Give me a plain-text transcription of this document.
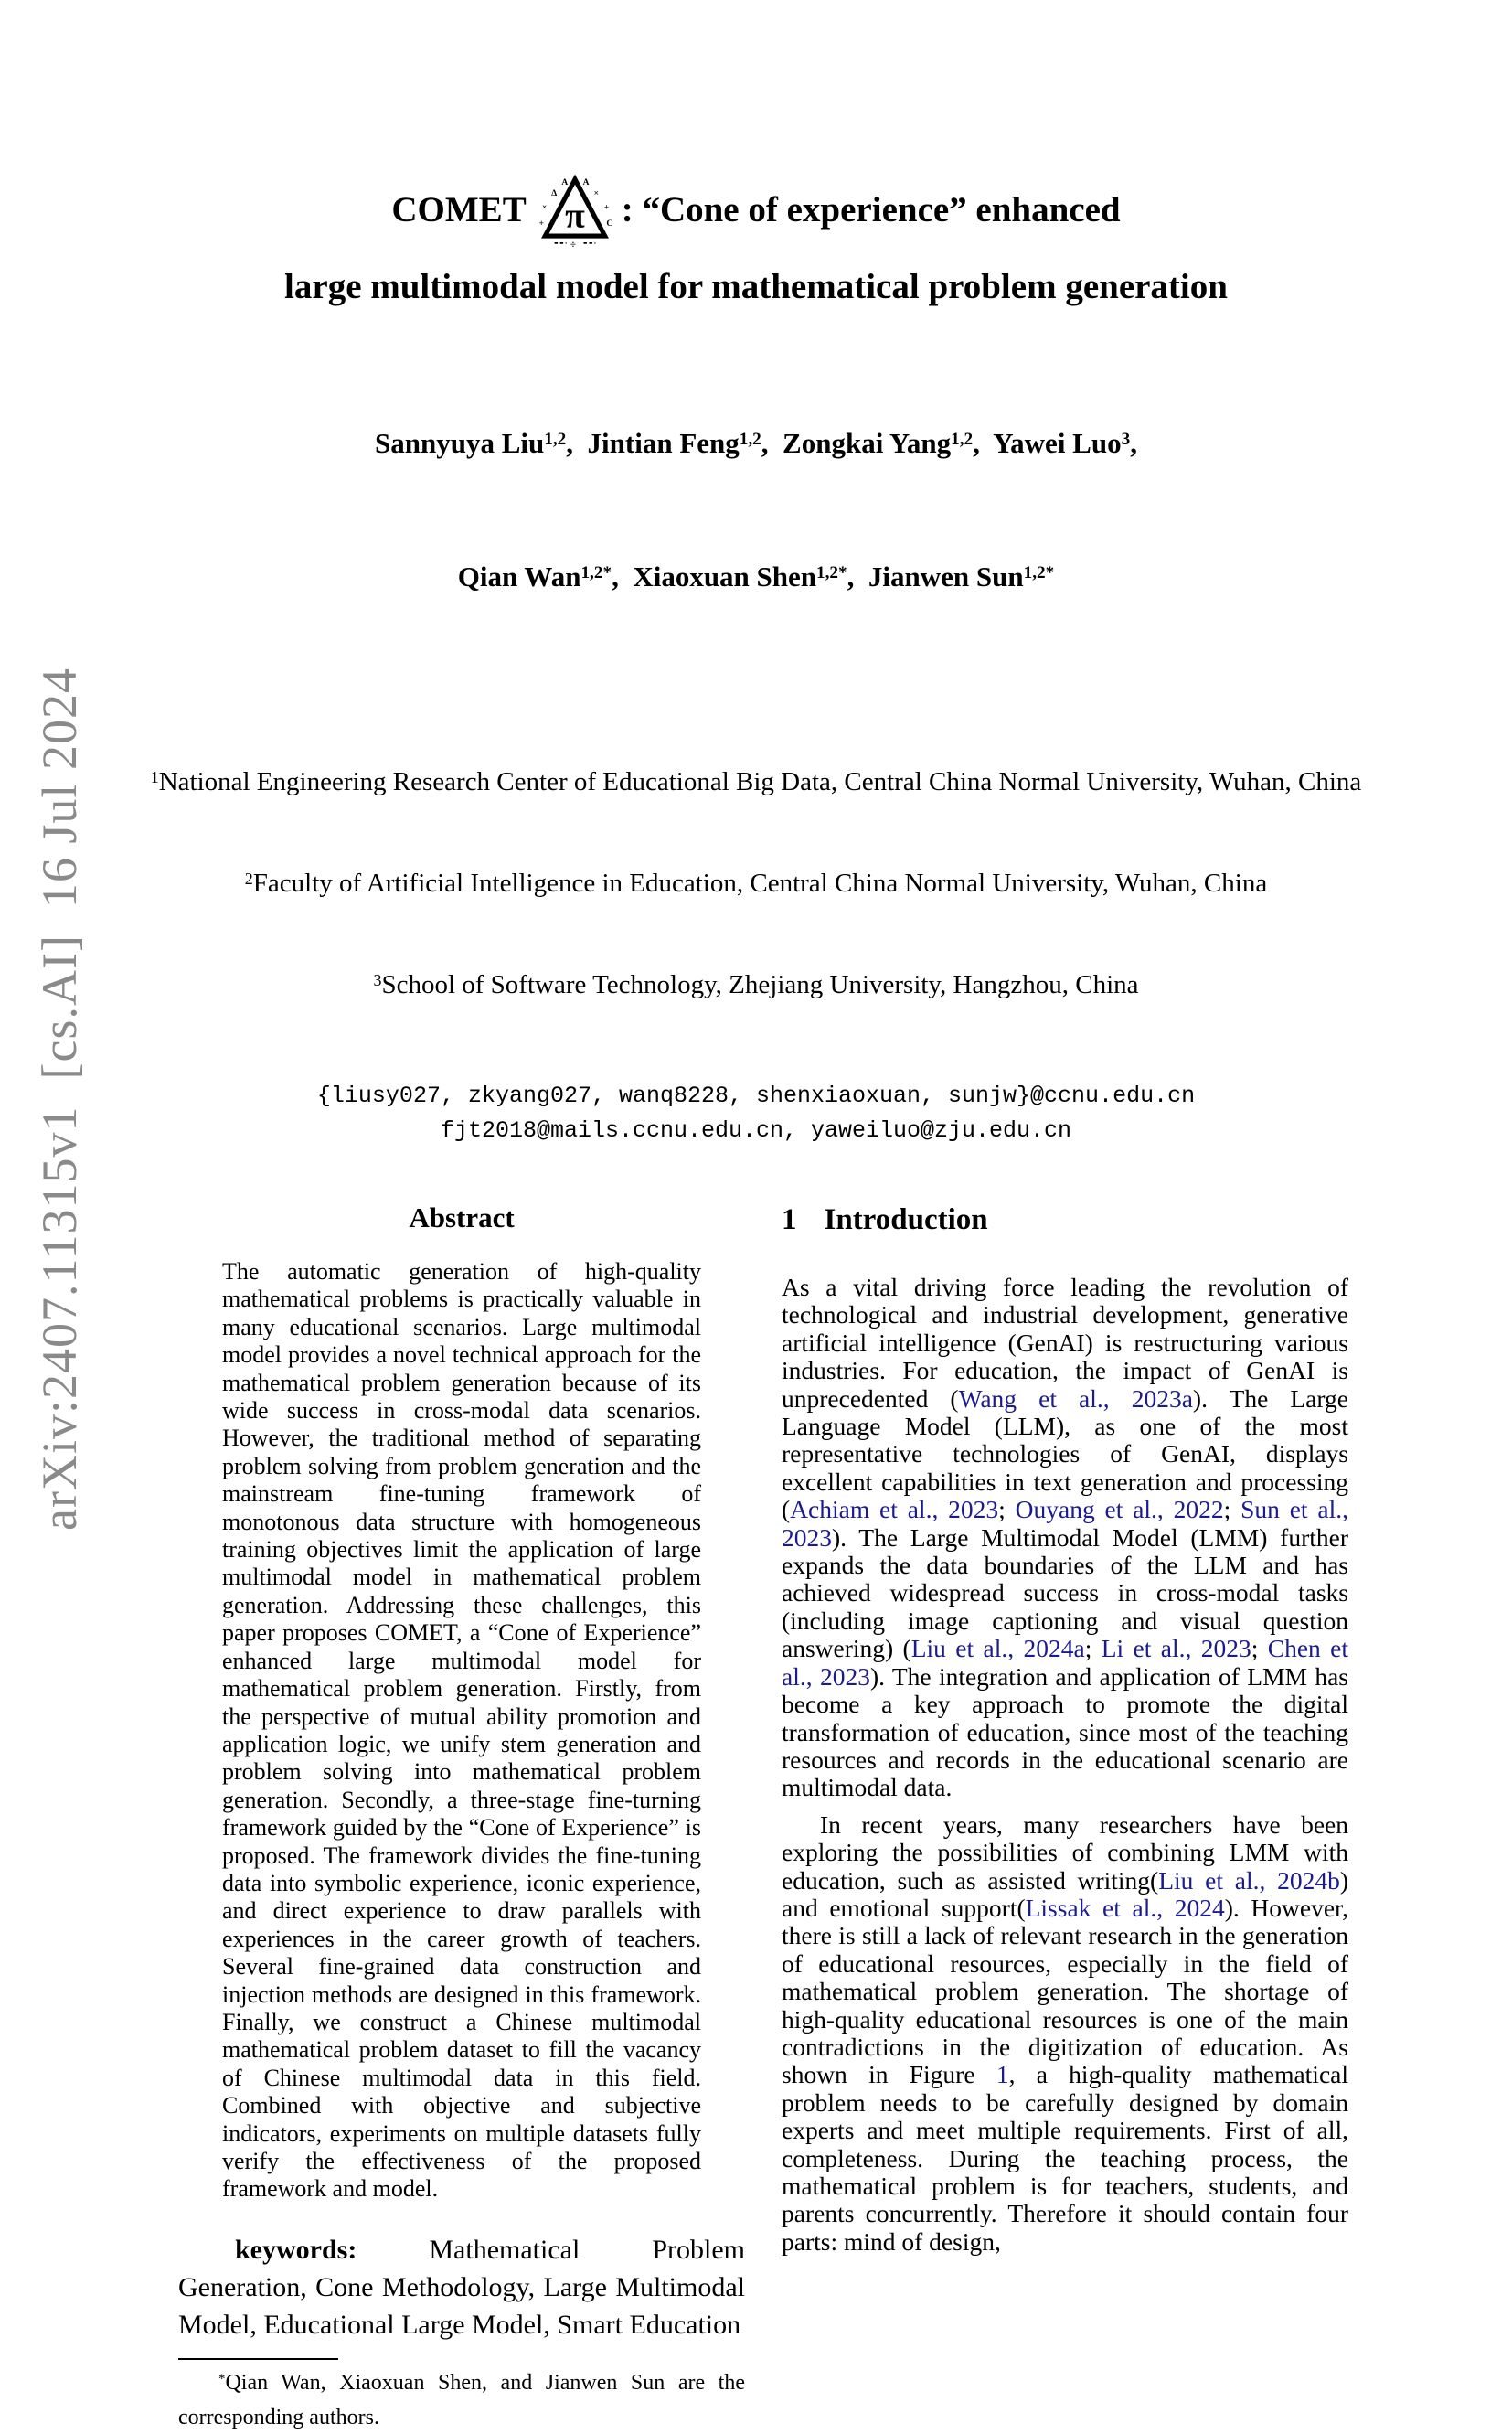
arXiv:2407.11315v1  [cs.AI]  16 Jul 2024
COMET π
×
Δ
A A
×
+
+	C
÷
: “Cone of experience” enhanced
large multimodal model for mathematical problem generation

Sannyuya Liu$^{1,2}$,  Jintian Feng$^{1,2}$,  Zongkai Yang$^{1,2}$,  Yawei Luo$^3$,

Qian Wan$^{1,2*}$,  Xiaoxuan Shen$^{1,2*}$,  Jianwen Sun$^{1,2*}$

$^1$National Engineering Research Center of Educational Big Data, Central China Normal University, Wuhan, China

$^2$Faculty of Artificial Intelligence in Education, Central China Normal University, Wuhan, China

$^3$School of Software Technology, Zhejiang University, Hangzhou, China

{liusy027, zkyang027, wanq8228, shenxiaoxuan, sunjw}@ccnu.edu.cn
fjt2018@mails.ccnu.edu.cn, yaweiluo@zju.edu.cn
Abstract

The automatic generation of high-quality mathematical problems is practically valuable in many educational scenarios. Large multimodal model provides a novel technical approach for the mathematical problem generation because of its wide success in cross-modal data scenarios. However, the traditional method of separating problem solving from problem generation and the mainstream fine-tuning framework of monotonous data structure with homogeneous training objectives limit the application of large multimodal model in mathematical problem generation. Addressing these challenges, this paper proposes COMET, a “Cone of Experience” enhanced large multimodal model for mathematical problem generation. Firstly, from the perspective of mutual ability promotion and application logic, we unify stem generation and problem solving into mathematical problem generation. Secondly, a three-stage fine-turning framework guided by the “Cone of Experience” is proposed. The framework divides the fine-tuning data into symbolic experience, iconic experience, and direct experience to draw parallels with experiences in the career growth of teachers. Several fine-grained data construction and injection methods are designed in this framework. Finally, we construct a Chinese multimodal mathematical problem dataset to fill the vacancy of Chinese multimodal data in this field. Combined with objective and subjective indicators, experiments on multiple datasets fully verify the effectiveness of the proposed framework and model.

keywords: Mathematical Problem Generation, Cone Methodology, Large Multimodal Model, Educational Large Model, Smart Education

*Qian Wan, Xiaoxuan Shen, and Jianwen Sun are the corresponding authors.

1 Introduction

As a vital driving force leading the revolution of technological and industrial development, generative artificial intelligence (GenAI) is restructuring various industries. For education, the impact of GenAI is unprecedented (Wang et al., 2023a). The Large Language Model (LLM), as one of the most representative technologies of GenAI, displays excellent capabilities in text generation and processing (Achiam et al., 2023; Ouyang et al., 2022; Sun et al., 2023). The Large Multimodal Model (LMM) further expands the data boundaries of the LLM and has achieved widespread success in cross-modal tasks (including image captioning and visual question answering) (Liu et al., 2024a; Li et al., 2023; Chen et al., 2023). The integration and application of LMM has become a key approach to promote the digital transformation of education, since most of the teaching resources and records in the educational scenario are multimodal data.

In recent years, many researchers have been exploring the possibilities of combining LMM with education, such as assisted writing(Liu et al., 2024b) and emotional support(Lissak et al., 2024). However, there is still a lack of relevant research in the generation of educational resources, especially in the field of mathematical problem generation. The shortage of high-quality educational resources is one of the main contradictions in the digitization of education. As shown in Figure 1, a high-quality mathematical problem needs to be carefully designed by domain experts and meet multiple requirements. First of all, completeness. During the teaching process, the mathematical problem is for teachers, students, and parents concurrently. Therefore it should contain four parts: mind of design,
